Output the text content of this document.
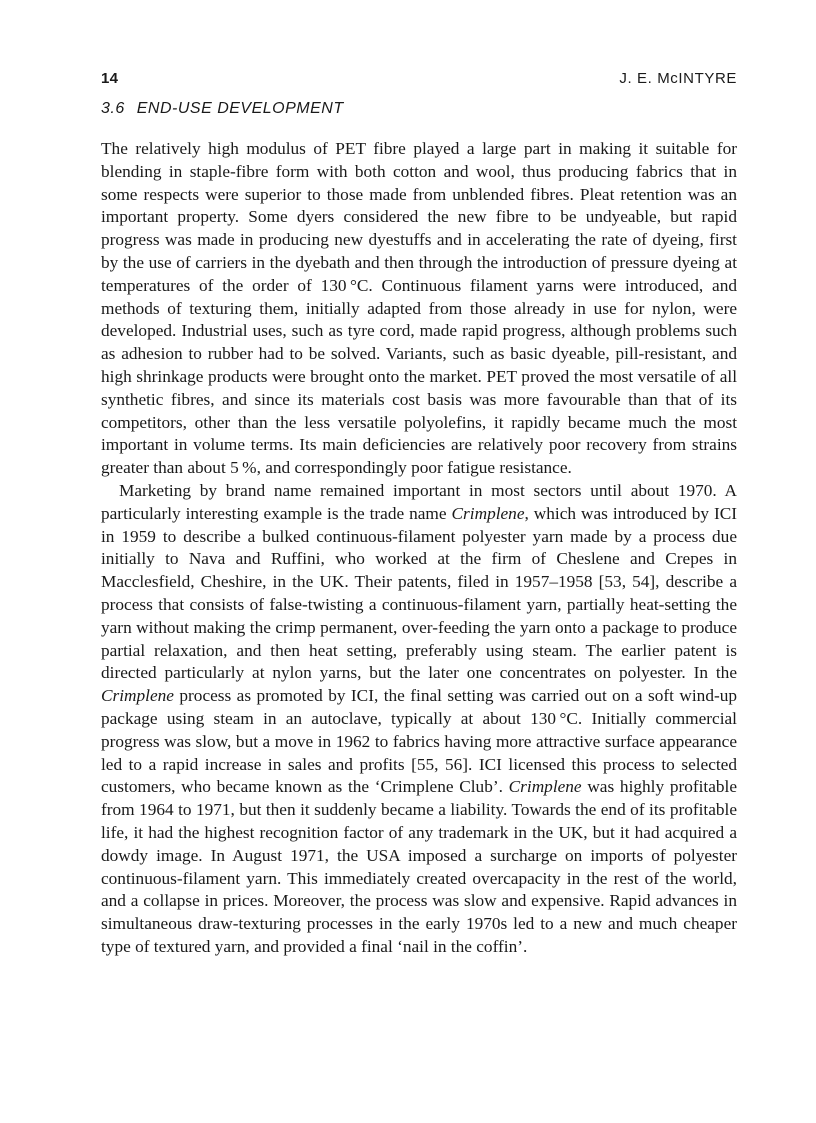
14	J. E. McINTYRE
3.6 END-USE DEVELOPMENT

The relatively high modulus of PET fibre played a large part in making it suitable for blending in staple-fibre form with both cotton and wool, thus producing fabrics that in some respects were superior to those made from unblended fibres. Pleat retention was an important property. Some dyers considered the new fibre to be undyeable, but rapid progress was made in producing new dyestuffs and in accelerating the rate of dyeing, first by the use of carriers in the dyebath and then through the introduction of pressure dyeing at temperatures of the order of 130 °C. Continuous filament yarns were introduced, and methods of texturing them, initially adapted from those already in use for nylon, were developed. Industrial uses, such as tyre cord, made rapid progress, although problems such as adhesion to rubber had to be solved. Variants, such as basic dyeable, pill-resistant, and high shrinkage products were brought onto the market. PET proved the most versatile of all synthetic fibres, and since its materials cost basis was more favourable than that of its competitors, other than the less versatile polyolefins, it rapidly became much the most important in volume terms. Its main deficiencies are relatively poor recovery from strains greater than about 5 %, and correspondingly poor fatigue resistance.

Marketing by brand name remained important in most sectors until about 1970. A particularly interesting example is the trade name Crimplene, which was introduced by ICI in 1959 to describe a bulked continuous-filament polyester yarn made by a process due initially to Nava and Ruffini, who worked at the firm of Cheslene and Crepes in Macclesfield, Cheshire, in the UK. Their patents, filed in 1957–1958 [53, 54], describe a process that consists of false-twisting a continuous-filament yarn, partially heat-setting the yarn without making the crimp permanent, over-feeding the yarn onto a package to produce partial relaxation, and then heat setting, preferably using steam. The earlier patent is directed particularly at nylon yarns, but the later one concentrates on polyester. In the Crimplene process as promoted by ICI, the final setting was carried out on a soft wind-up package using steam in an autoclave, typically at about 130 °C. Initially commercial progress was slow, but a move in 1962 to fabrics having more attractive surface appearance led to a rapid increase in sales and profits [55, 56]. ICI licensed this process to selected customers, who became known as the ‘Crimplene Club’. Crimplene was highly profitable from 1964 to 1971, but then it suddenly became a liability. Towards the end of its profitable life, it had the highest recognition factor of any trademark in the UK, but it had acquired a dowdy image. In August 1971, the USA imposed a surcharge on imports of polyester continuous-filament yarn. This immediately created overcapacity in the rest of the world, and a collapse in prices. Moreover, the process was slow and expensive. Rapid advances in simultaneous draw-texturing processes in the early 1970s led to a new and much cheaper type of textured yarn, and provided a final ‘nail in the coffin’.
